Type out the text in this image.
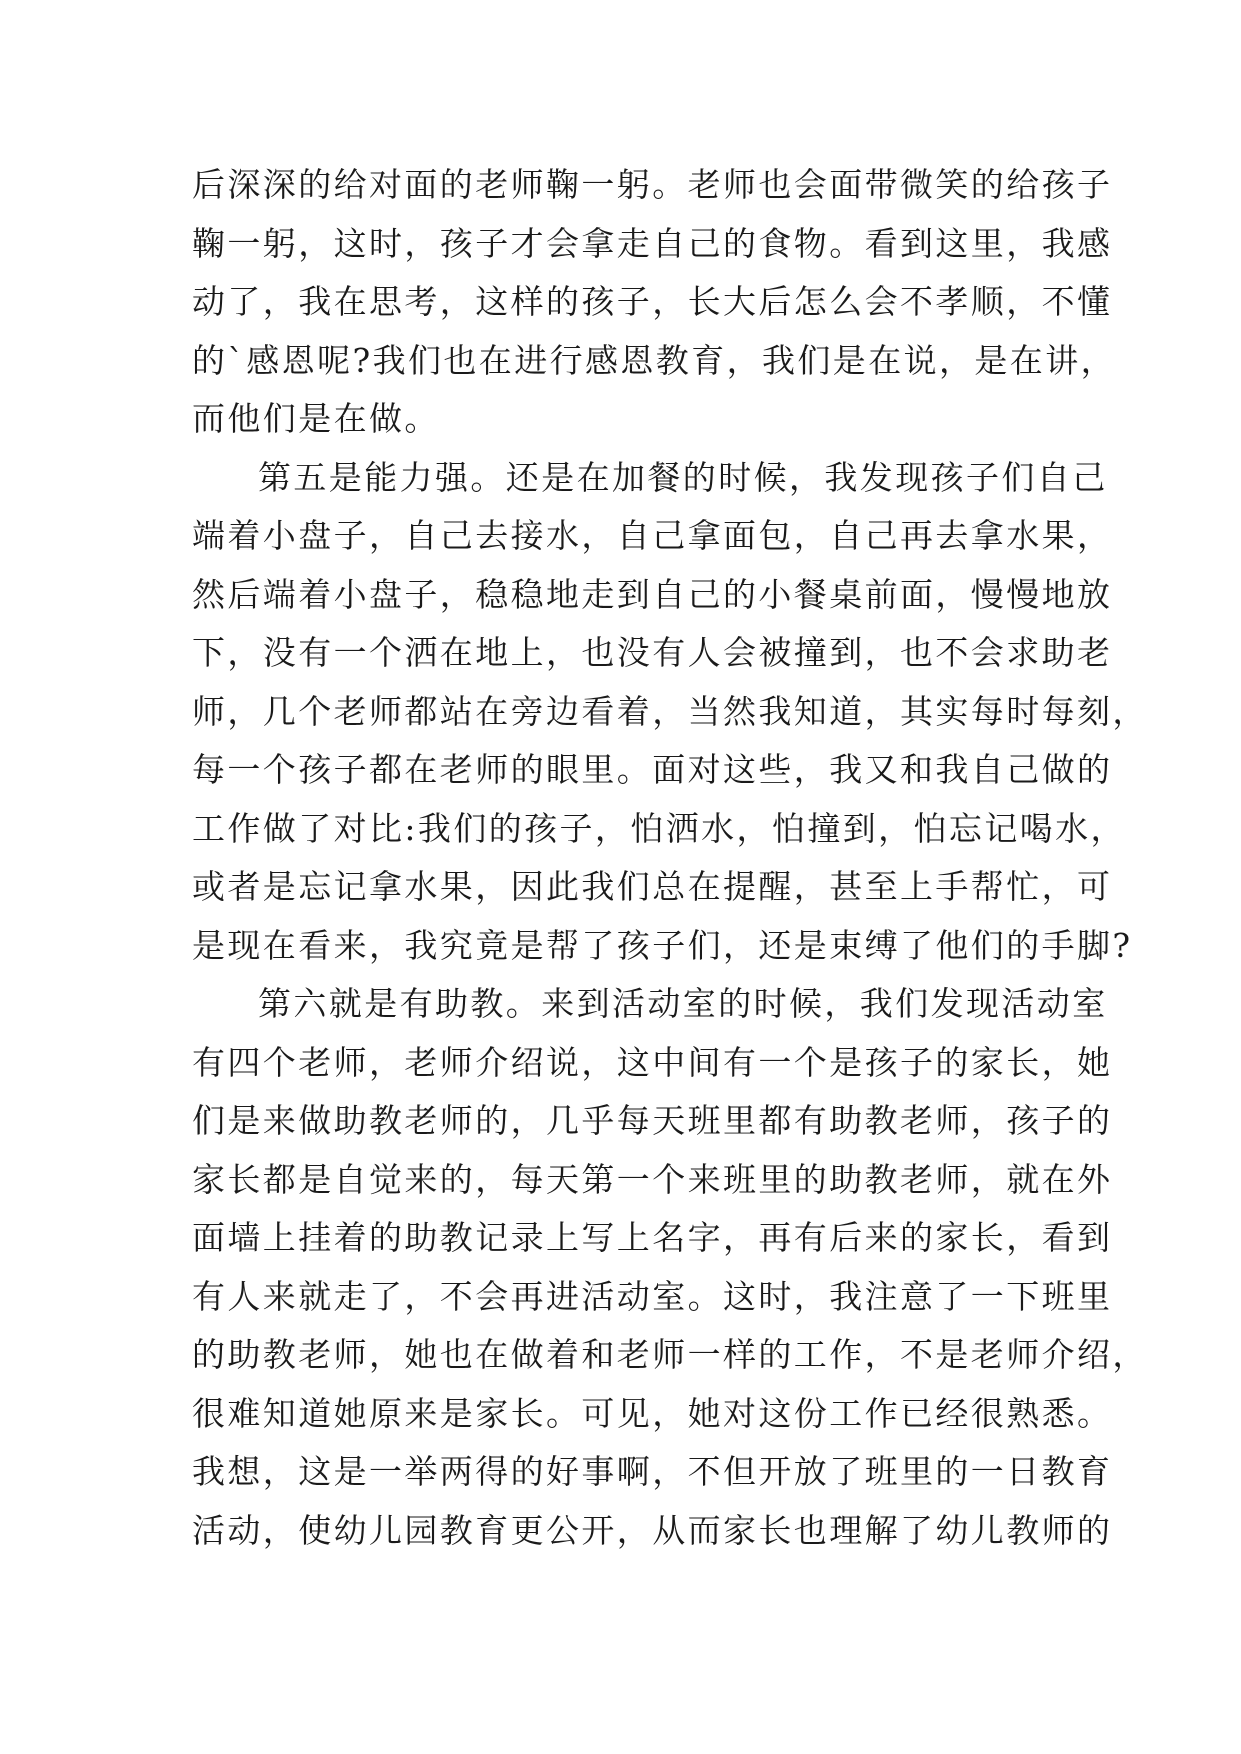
后深深的给对面的老师鞠一躬。老师也会面带微笑的给孩子
鞠一躬，这时，孩子才会拿走自己的食物。看到这里，我感
动了，我在思考，这样的孩子，长大后怎么会不孝顺，不懂
的`感恩呢?我们也在进行感恩教育，我们是在说，是在讲，
而他们是在做。
第五是能力强。还是在加餐的时候，我发现孩子们自己
端着小盘子，自己去接水，自己拿面包，自己再去拿水果，
然后端着小盘子，稳稳地走到自己的小餐桌前面，慢慢地放
下，没有一个洒在地上，也没有人会被撞到，也不会求助老
师，几个老师都站在旁边看着，当然我知道，其实每时每刻，
每一个孩子都在老师的眼里。面对这些，我又和我自己做的
工作做了对比:我们的孩子，怕洒水，怕撞到，怕忘记喝水，
或者是忘记拿水果，因此我们总在提醒，甚至上手帮忙，可
是现在看来，我究竟是帮了孩子们，还是束缚了他们的手脚?
第六就是有助教。来到活动室的时候，我们发现活动室
有四个老师，老师介绍说，这中间有一个是孩子的家长，她
们是来做助教老师的，几乎每天班里都有助教老师，孩子的
家长都是自觉来的，每天第一个来班里的助教老师，就在外
面墙上挂着的助教记录上写上名字，再有后来的家长，看到
有人来就走了，不会再进活动室。这时，我注意了一下班里
的助教老师，她也在做着和老师一样的工作，不是老师介绍，
很难知道她原来是家长。可见，她对这份工作已经很熟悉。
我想，这是一举两得的好事啊，不但开放了班里的一日教育
活动，使幼儿园教育更公开，从而家长也理解了幼儿教师的
